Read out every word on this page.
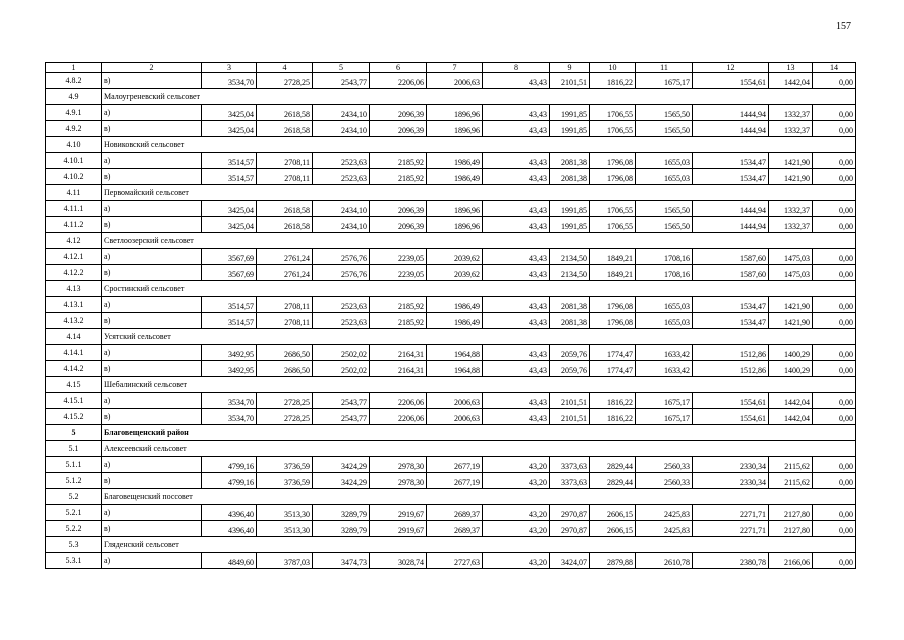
157
1	2	3	4	5	6	7	8	9	10	11	12	13	14
4.8.2	в)	3534,70	2728,25	2543,77	2206,06	2006,63	43,43	2101,51	1816,22	1675,17	1554,61	1442,04	0,00
4.9	Малоугреневский сельсовет												
4.9.1	а)	3425,04	2618,58	2434,10	2096,39	1896,96	43,43	1991,85	1706,55	1565,50	1444,94	1332,37	0,00
4.9.2	в)	3425,04	2618,58	2434,10	2096,39	1896,96	43,43	1991,85	1706,55	1565,50	1444,94	1332,37	0,00
4.10	Новиковский сельсовет												
4.10.1	а)	3514,57	2708,11	2523,63	2185,92	1986,49	43,43	2081,38	1796,08	1655,03	1534,47	1421,90	0,00
4.10.2	в)	3514,57	2708,11	2523,63	2185,92	1986,49	43,43	2081,38	1796,08	1655,03	1534,47	1421,90	0,00
4.11	Первомайский сельсовет												
4.11.1	а)	3425,04	2618,58	2434,10	2096,39	1896,96	43,43	1991,85	1706,55	1565,50	1444,94	1332,37	0,00
4.11.2	в)	3425,04	2618,58	2434,10	2096,39	1896,96	43,43	1991,85	1706,55	1565,50	1444,94	1332,37	0,00
4.12	Светлоозерский сельсовет												
4.12.1	а)	3567,69	2761,24	2576,76	2239,05	2039,62	43,43	2134,50	1849,21	1708,16	1587,60	1475,03	0,00
4.12.2	в)	3567,69	2761,24	2576,76	2239,05	2039,62	43,43	2134,50	1849,21	1708,16	1587,60	1475,03	0,00
4.13	Сростинский сельсовет												
4.13.1	а)	3514,57	2708,11	2523,63	2185,92	1986,49	43,43	2081,38	1796,08	1655,03	1534,47	1421,90	0,00
4.13.2	в)	3514,57	2708,11	2523,63	2185,92	1986,49	43,43	2081,38	1796,08	1655,03	1534,47	1421,90	0,00
4.14	Усятский сельсовет												
4.14.1	а)	3492,95	2686,50	2502,02	2164,31	1964,88	43,43	2059,76	1774,47	1633,42	1512,86	1400,29	0,00
4.14.2	в)	3492,95	2686,50	2502,02	2164,31	1964,88	43,43	2059,76	1774,47	1633,42	1512,86	1400,29	0,00
4.15	Шебалинский сельсовет												
4.15.1	а)	3534,70	2728,25	2543,77	2206,06	2006,63	43,43	2101,51	1816,22	1675,17	1554,61	1442,04	0,00
4.15.2	в)	3534,70	2728,25	2543,77	2206,06	2006,63	43,43	2101,51	1816,22	1675,17	1554,61	1442,04	0,00
5	Благовещенский район												
5.1	Алексеевский сельсовет												
5.1.1	а)	4799,16	3736,59	3424,29	2978,30	2677,19	43,20	3373,63	2829,44	2560,33	2330,34	2115,62	0,00
5.1.2	в)	4799,16	3736,59	3424,29	2978,30	2677,19	43,20	3373,63	2829,44	2560,33	2330,34	2115,62	0,00
5.2	Благовещенский поссовет												
5.2.1	а)	4396,40	3513,30	3289,79	2919,67	2689,37	43,20	2970,87	2606,15	2425,83	2271,71	2127,80	0,00
5.2.2	в)	4396,40	3513,30	3289,79	2919,67	2689,37	43,20	2970,87	2606,15	2425,83	2271,71	2127,80	0,00
5.3	Гляденский сельсовет												
5.3.1	а)	4849,60	3787,03	3474,73	3028,74	2727,63	43,20	3424,07	2879,88	2610,78	2380,78	2166,06	0,00
